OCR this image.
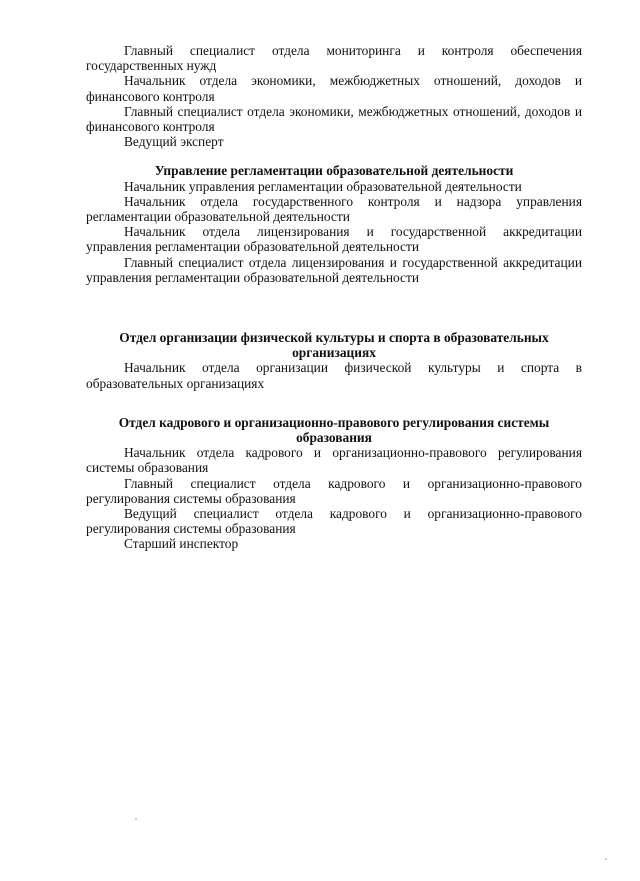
Главный специалист отдела мониторинга и контроля обеспечения государственных нужд

Начальник отдела экономики, межбюджетных отношений, доходов и финансового контроля

Главный специалист отдела экономики, межбюджетных отношений, доходов и финансового контроля

Ведущий эксперт

Управление регламентации образовательной деятельности

Начальник управления регламентации образовательной деятельности

Начальник отдела государственного контроля и надзора управления регламентации образовательной деятельности

Начальник отдела лицензирования и государственной аккредитации управления регламентации образовательной деятельности

Главный специалист отдела лицензирования и государственной аккредитации управления регламентации образовательной деятельности

Отдел организации физической культуры и спорта в образовательных организациях

Начальник отдела организации физической культуры и спорта в образовательных организациях

Отдел кадрового и организационно-правового регулирования системы образования

Начальник отдела кадрового и организационно-правового регулирования системы образования

Главный специалист отдела кадрового и организационно-правового регулирования системы образования

Ведущий специалист отдела кадрового и организационно-правового регулирования системы образования

Старший инспектор
